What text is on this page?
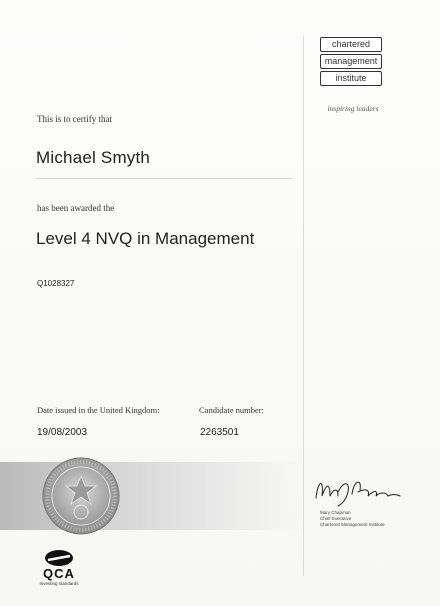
chartered
management
institute
inspiring leaders
This is to certify that
Michael Smyth
has been awarded the
Level 4 NVQ in Management
Q1028327
Date issued in the United Kingdom:
19/08/2003
Candidate number:
2263501
Mary Chapman
Chief Executive
Chartered Management Institute
QCA
Investing standards
